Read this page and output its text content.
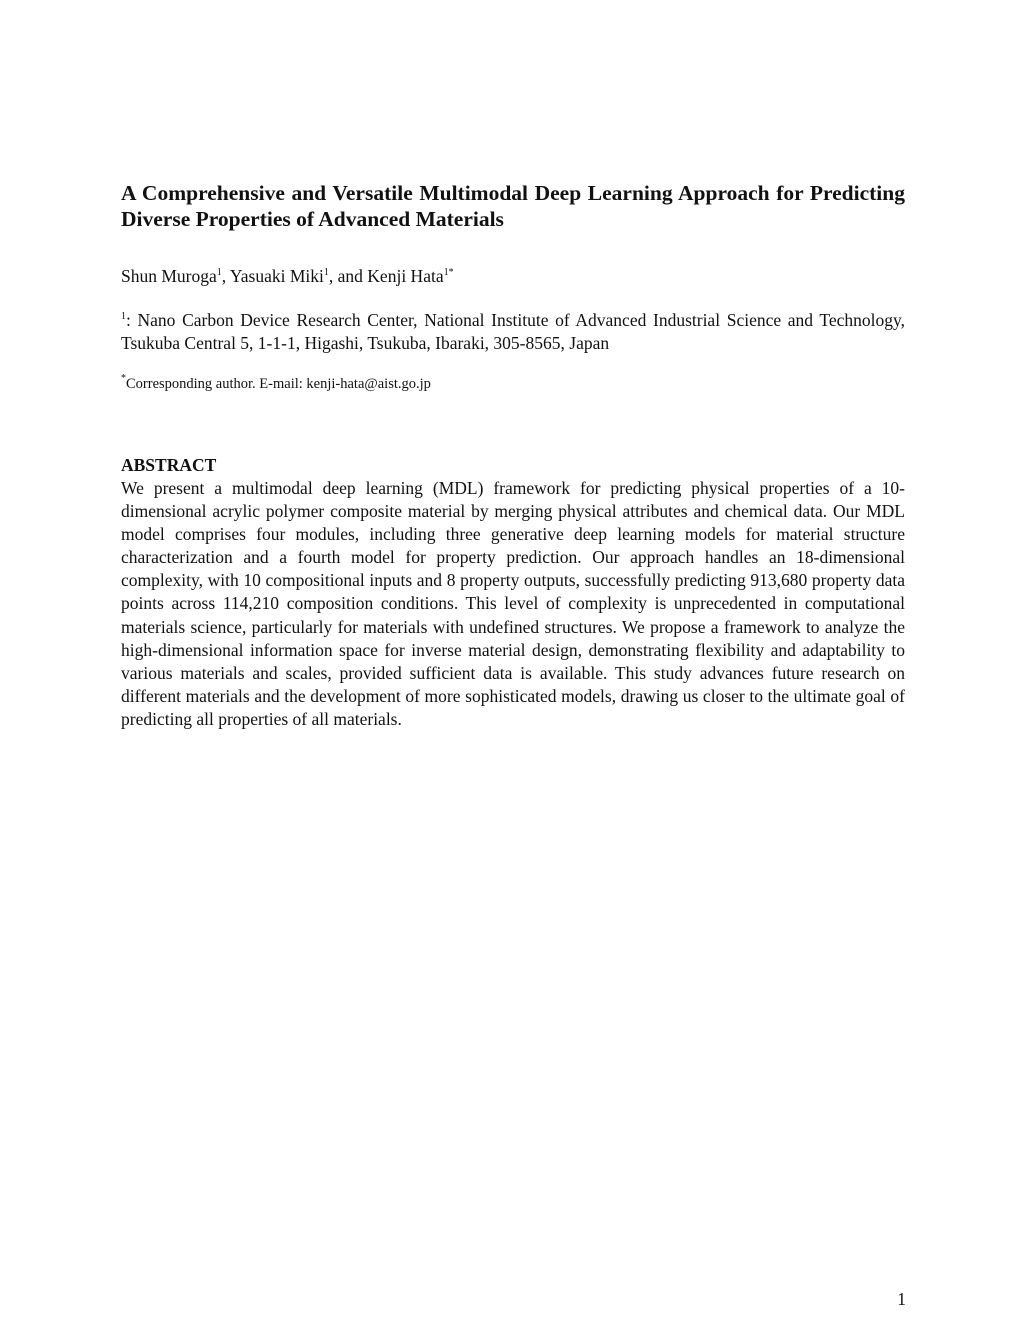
A Comprehensive and Versatile Multimodal Deep Learning Approach for Predicting Diverse Properties of Advanced Materials

Shun Muroga$^1$, Yasuaki Miki$^1$, and Kenji Hata$^{1*}$

$^1$: Nano Carbon Device Research Center, National Institute of Advanced Industrial Science and Technology, Tsukuba Central 5, 1-1-1, Higashi, Tsukuba, Ibaraki, 305-8565, Japan

*Corresponding author. E-mail: kenji-hata@aist.go.jp

ABSTRACT

We present a multimodal deep learning (MDL) framework for predicting physical properties of a 10-dimensional acrylic polymer composite material by merging physical attributes and chemical data. Our MDL model comprises four modules, including three generative deep learning models for material structure characterization and a fourth model for property prediction. Our approach handles an 18-dimensional complexity, with 10 compositional inputs and 8 property outputs, successfully predicting 913,680 property data points across 114,210 composition conditions. This level of complexity is unprecedented in computational materials science, particularly for materials with undefined structures. We propose a framework to analyze the high-dimensional information space for inverse material design, demonstrating flexibility and adaptability to various materials and scales, provided sufficient data is available. This study advances future research on different materials and the development of more sophisticated models, drawing us closer to the ultimate goal of predicting all properties of all materials.

1
